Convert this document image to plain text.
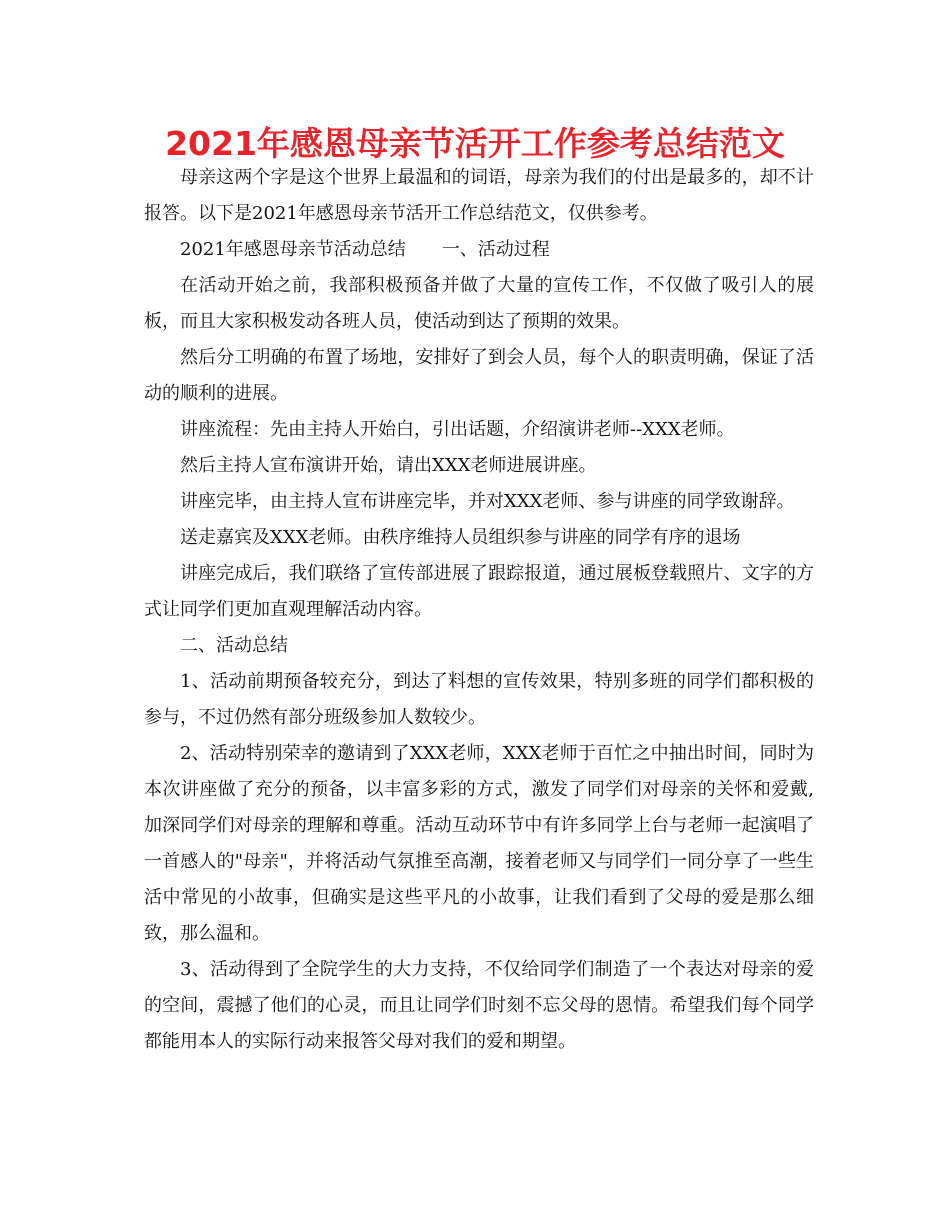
2021年感恩母亲节活开工作参考总结范文

母亲这两个字是这个世界上最温和的词语，母亲为我们的付出是最多的，却不计报答。以下是2021年感恩母亲节活开工作总结范文，仅供参考。

2021年感恩母亲节活动总结 一、活动过程

在活动开始之前，我部积极预备并做了大量的宣传工作，不仅做了吸引人的展板，而且大家积极发动各班人员，使活动到达了预期的效果。

然后分工明确的布置了场地，安排好了到会人员，每个人的职责明确，保证了活动的顺利的进展。

讲座流程：先由主持人开始白，引出话题，介绍演讲老师--XXX老师。

然后主持人宣布演讲开始，请出XXX老师进展讲座。

讲座完毕，由主持人宣布讲座完毕，并对XXX老师、参与讲座的同学致谢辞。

送走嘉宾及XXX老师。由秩序维持人员组织参与讲座的同学有序的退场

讲座完成后，我们联络了宣传部进展了跟踪报道，通过展板登载照片、文字的方式让同学们更加直观理解活动内容。

二、活动总结

1、活动前期预备较充分，到达了料想的宣传效果，特别多班的同学们都积极的参与，不过仍然有部分班级参加人数较少。

2、活动特别荣幸的邀请到了XXX老师，XXX老师于百忙之中抽出时间，同时为本次讲座做了充分的预备，以丰富多彩的方式，激发了同学们对母亲的关怀和爱戴,加深同学们对母亲的理解和尊重。活动互动环节中有许多同学上台与老师一起演唱了一首感人的"母亲"，并将活动气氛推至高潮，接着老师又与同学们一同分享了一些生活中常见的小故事，但确实是这些平凡的小故事，让我们看到了父母的爱是那么细致，那么温和。

3、活动得到了全院学生的大力支持，不仅给同学们制造了一个表达对母亲的爱的空间，震撼了他们的心灵，而且让同学们时刻不忘父母的恩情。希望我们每个同学都能用本人的实际行动来报答父母对我们的爱和期望。
